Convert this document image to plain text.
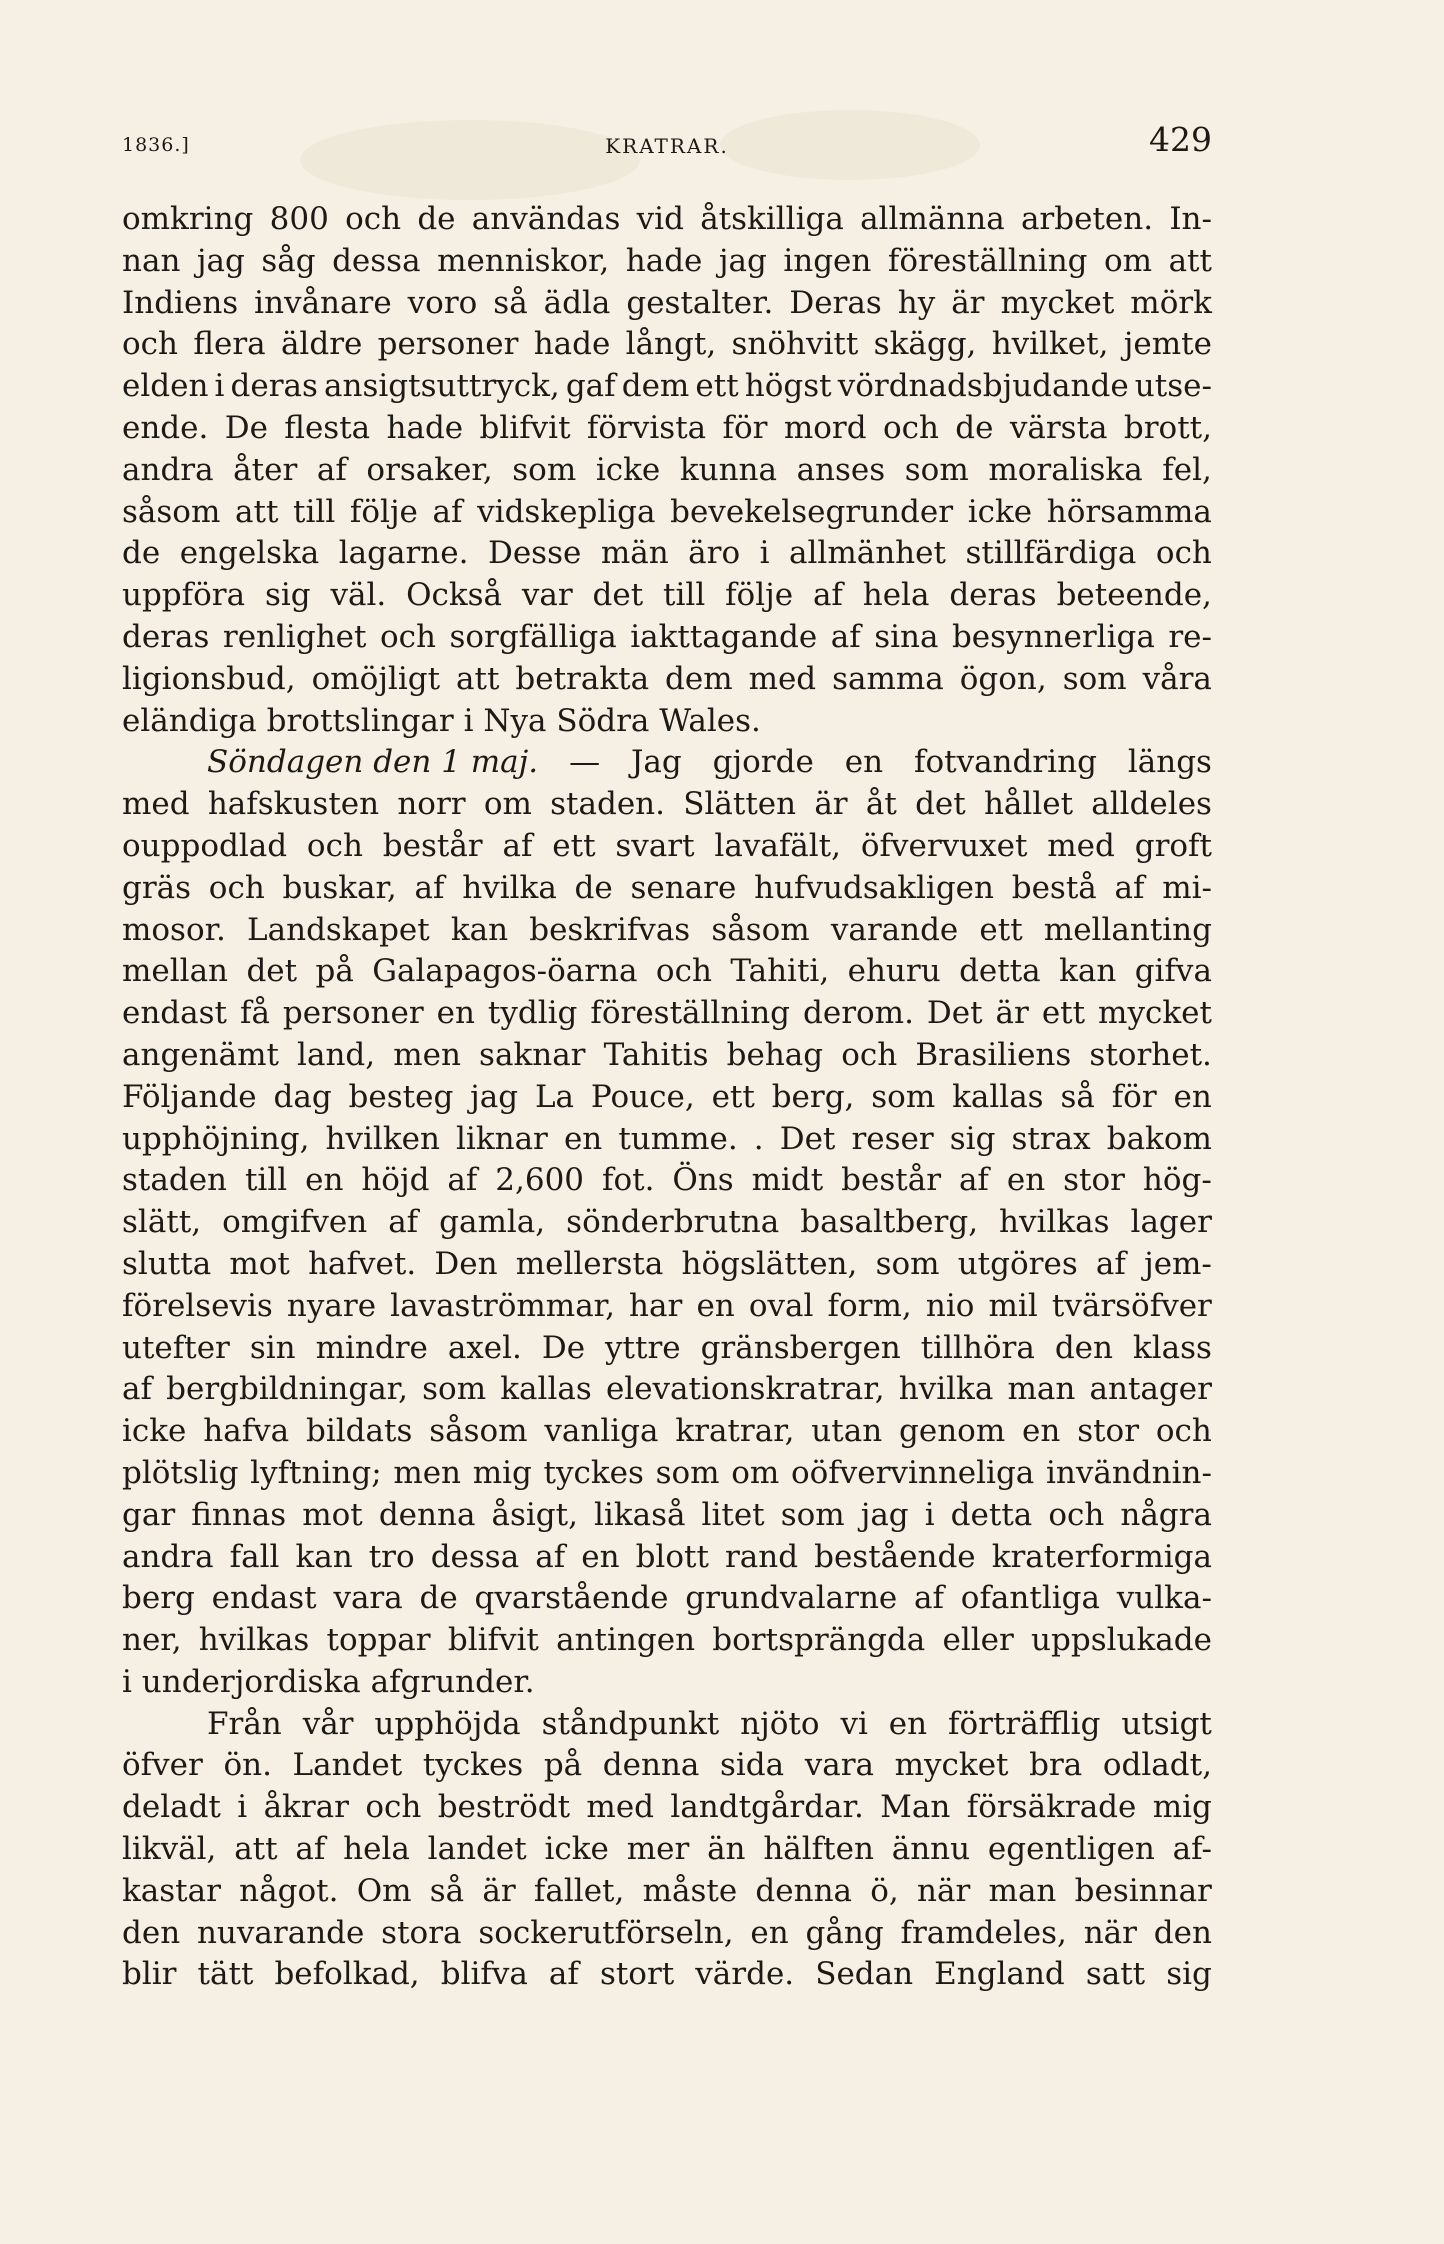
1836.]	KRATRAR.	429
omkring 800 och de användas vid åtskilliga allmänna arbeten. In-
nan jag såg dessa menniskor, hade jag ingen föreställning om att
Indiens invånare voro så ädla gestalter. Deras hy är mycket mörk
och flera äldre personer hade långt, snöhvitt skägg, hvilket, jemte
elden i deras ansigtsuttryck, gaf dem ett högst vördnadsbjudande utse-
ende. De flesta hade blifvit förvista för mord och de värsta brott,
andra åter af orsaker, som icke kunna anses som moraliska fel,
såsom att till följe af vidskepliga bevekelsegrunder icke hörsamma
de engelska lagarne. Desse män äro i allmänhet stillfärdiga och
uppföra sig väl. Också var det till följe af hela deras beteende,
deras renlighet och sorgfälliga iakttagande af sina besynnerliga re-
ligionsbud, omöjligt att betrakta dem med samma ögon, som våra
eländiga brottslingar i Nya Södra Wales.
Söndagen den 1 maj. — Jag gjorde en fotvandring längs
med hafskusten norr om staden. Slätten är åt det hållet alldeles
ouppodlad och består af ett svart lavafält, öfvervuxet med groft
gräs och buskar, af hvilka de senare hufvudsakligen bestå af mi-
mosor. Landskapet kan beskrifvas såsom varande ett mellanting
mellan det på Galapagos-öarna och Tahiti, ehuru detta kan gifva
endast få personer en tydlig föreställning derom. Det är ett mycket
angenämt land, men saknar Tahitis behag och Brasiliens storhet.
Följande dag besteg jag La Pouce, ett berg, som kallas så för en
upphöjning, hvilken liknar en tumme. . Det reser sig strax bakom
staden till en höjd af 2,600 fot. Öns midt består af en stor hög-
slätt, omgifven af gamla, sönderbrutna basaltberg, hvilkas lager
slutta mot hafvet. Den mellersta högslätten, som utgöres af jem-
förelsevis nyare lavaströmmar, har en oval form, nio mil tvärsöfver
utefter sin mindre axel. De yttre gränsbergen tillhöra den klass
af bergbildningar, som kallas elevationskratrar, hvilka man antager
icke hafva bildats såsom vanliga kratrar, utan genom en stor och
plötslig lyftning; men mig tyckes som om oöfvervinneliga invändnin-
gar finnas mot denna åsigt, likaså litet som jag i detta och några
andra fall kan tro dessa af en blott rand bestående kraterformiga
berg endast vara de qvarstående grundvalarne af ofantliga vulka-
ner, hvilkas toppar blifvit antingen bortsprängda eller uppslukade
i underjordiska afgrunder.
Från vår upphöjda ståndpunkt njöto vi en förträfflig utsigt
öfver ön. Landet tyckes på denna sida vara mycket bra odladt,
deladt i åkrar och beströdt med landtgårdar. Man försäkrade mig
likväl, att af hela landet icke mer än hälften ännu egentligen af-
kastar något. Om så är fallet, måste denna ö, när man besinnar
den nuvarande stora sockerutförseln, en gång framdeles, när den
blir tätt befolkad, blifva af stort värde. Sedan England satt sig
